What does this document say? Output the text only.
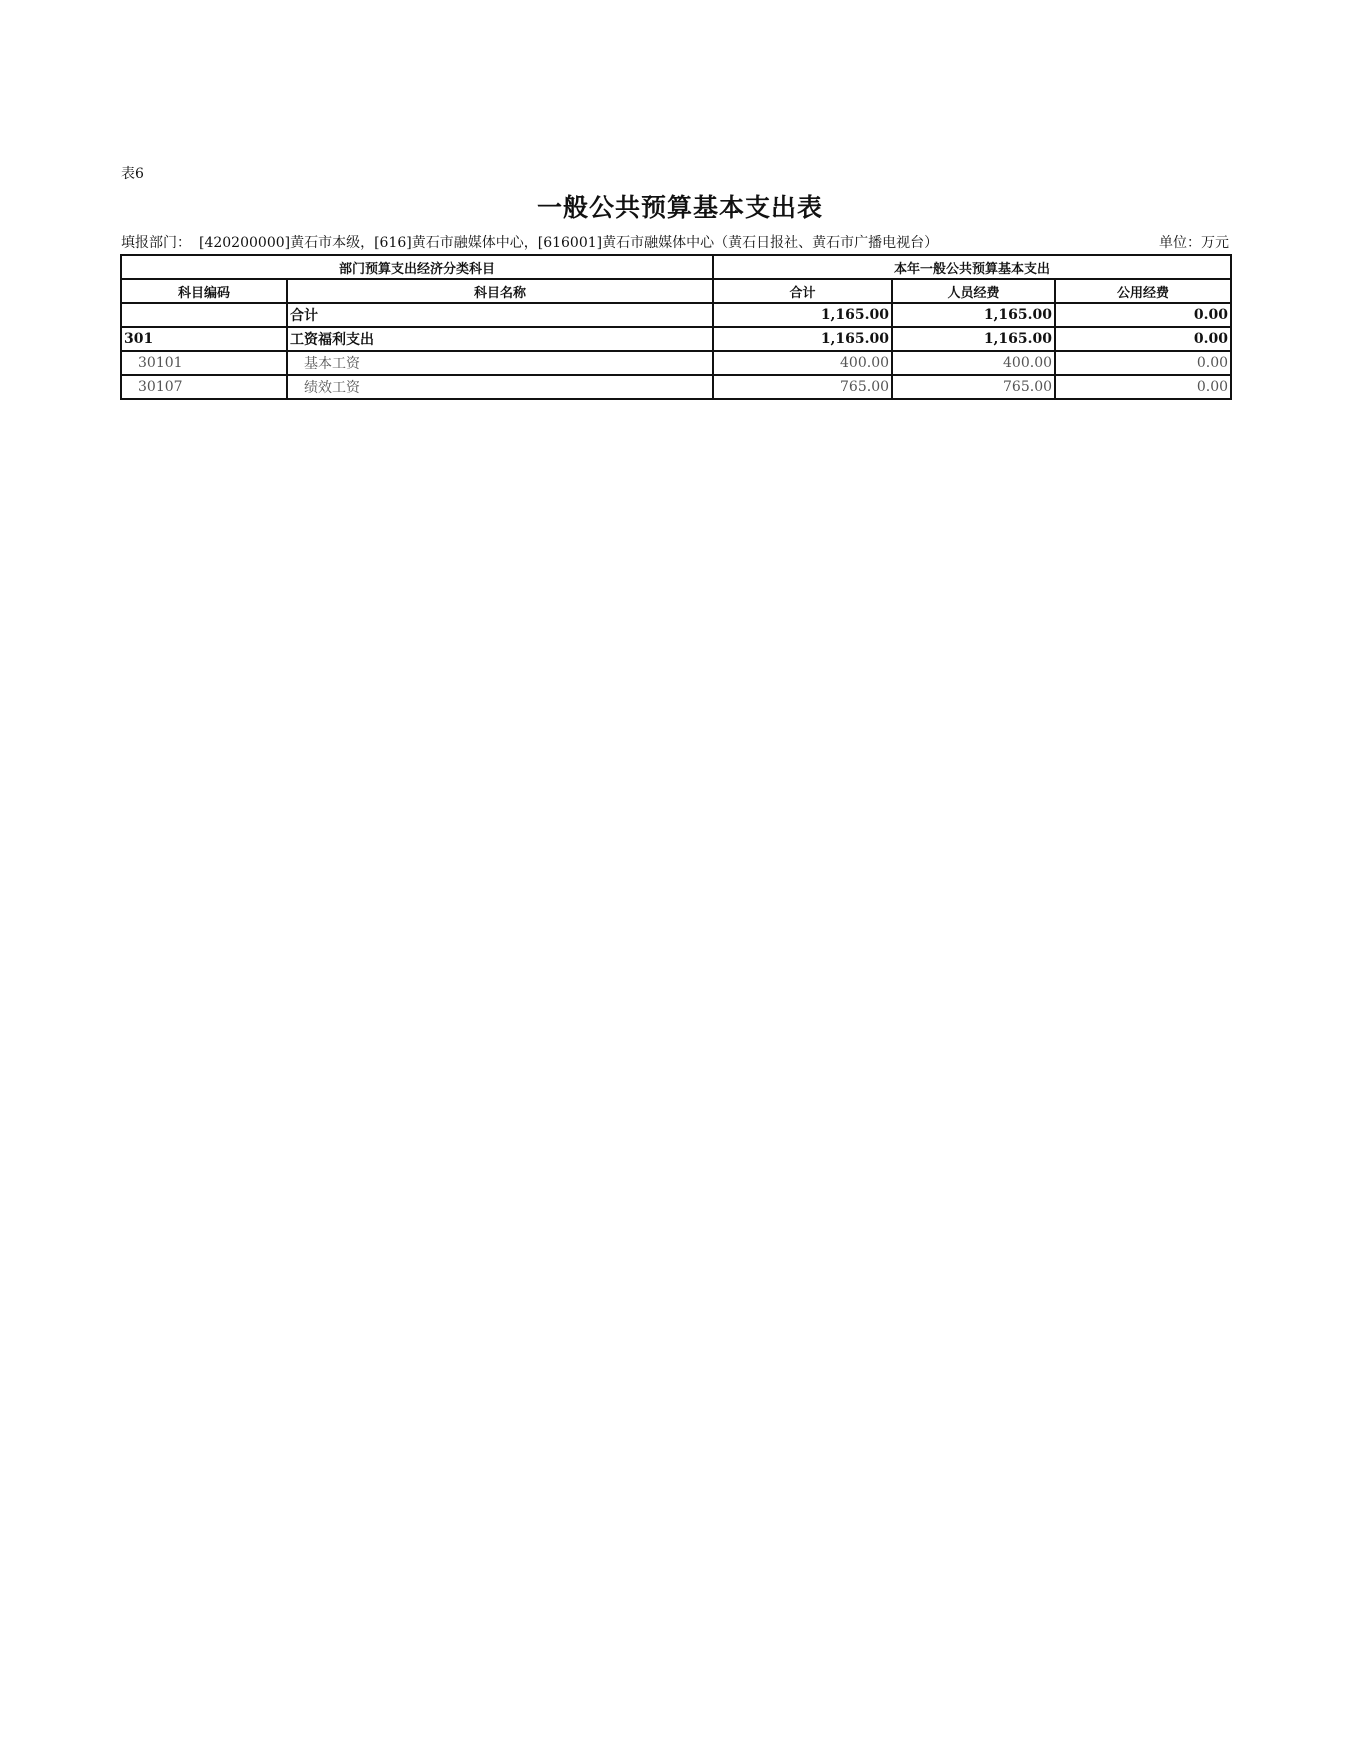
表6
一般公共预算基本支出表
填报部门： [420200000]黄石市本级，[616]黄石市融媒体中心，[616001]黄石市融媒体中心（黄石日报社、黄石市广播电视台）	单位：万元
部门预算支出经济分类科目		本年一般公共预算基本支出		
科目编码	科目名称	合计	人员经费	公用经费
	合计	1,165.00	1,165.00	0.00
301	工资福利支出	1,165.00	1,165.00	0.00
30101	基本工资	400.00	400.00	0.00
30107	绩效工资	765.00	765.00	0.00
